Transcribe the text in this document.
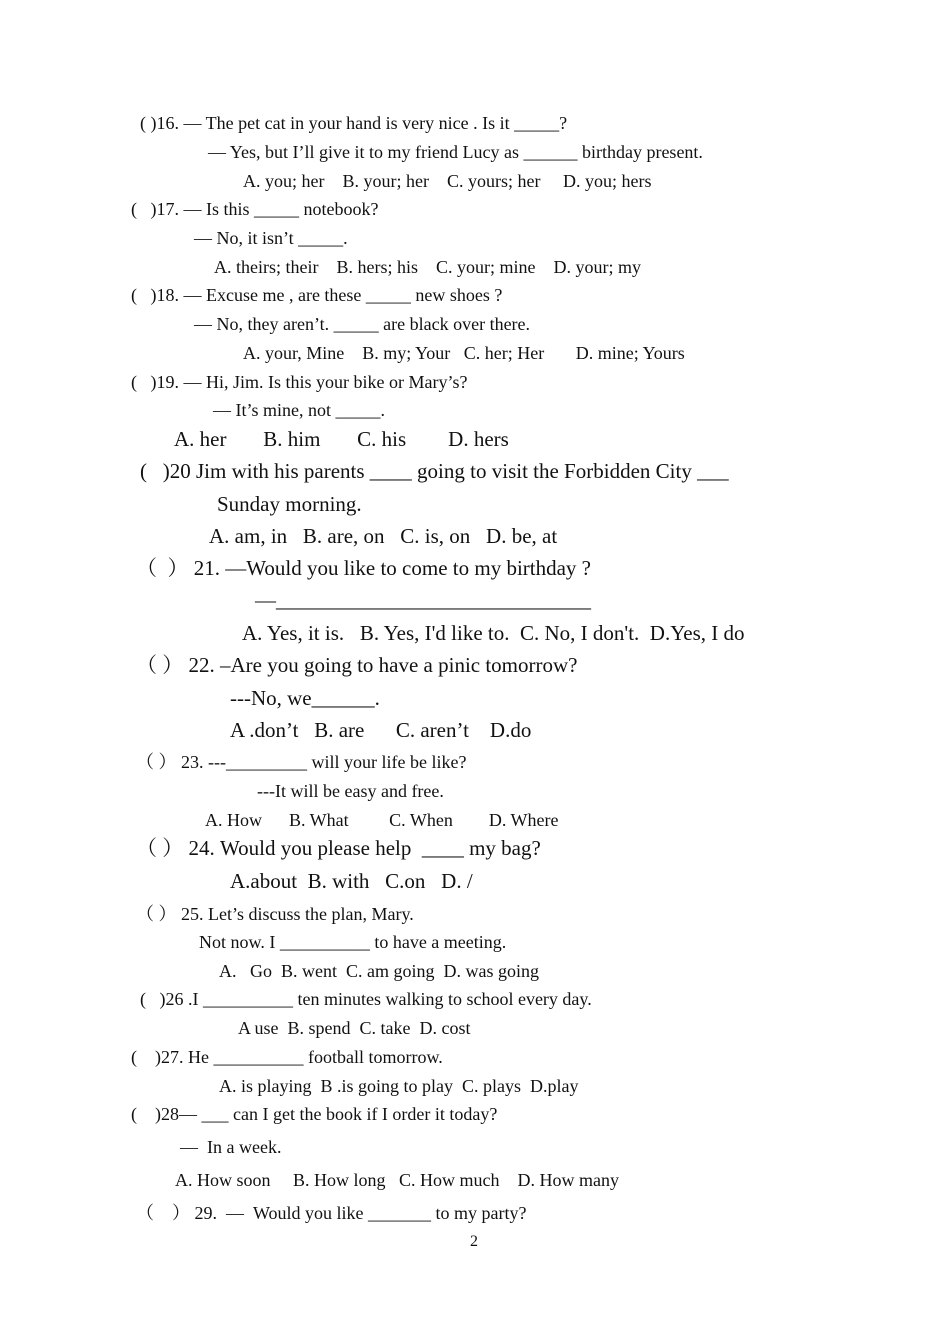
( )16. — The pet cat in your hand is very nice . Is it _____?
— Yes, but I’ll give it to my friend Lucy as ______ birthday present.
A. you; her    B. your; her    C. yours; her     D. you; hers
(   )17. — Is this _____ notebook?
— No, it isn’t _____.
A. theirs; their    B. hers; his    C. your; mine    D. your; my
(   )18. — Excuse me , are these _____ new shoes ?
— No, they aren’t. _____ are black over there.
A. your, Mine    B. my; Your   C. her; Her       D. mine; Yours
(   )19. — Hi, Jim. Is this your bike or Mary’s?
— It’s mine, not _____.
A. her       B. him       C. his        D. hers
(   )20 Jim with his parents ____ going to visit the Forbidden City ___
Sunday morning.
A. am, in   B. are, on   C. is, on   D. be, at
（  ） 21. —Would you like to come to my birthday ?
—______________________________
A. Yes, it is.   B. Yes, I'd like to.  C. No, I don't.  D.Yes, I do
（ ） 22. –Are you going to have a pinic tomorrow?
---No, we______.
A .don’t   B. are      C. aren’t    D.do
（ ） 23. ---_________ will your life be like?
---It will be easy and free.
A. How      B. What         C. When        D. Where
（ ） 24. Would you please help  ____ my bag?
A.about  B. with   C.on   D. /
（ ） 25. Let’s discuss the plan, Mary.
Not now. I __________ to have a meeting.
A.   Go  B. went  C. am going  D. was going
(   )26 .I __________ ten minutes walking to school every day.
A use  B. spend  C. take  D. cost
(    )27. He __________ football tomorrow.
A. is playing  B .is going to play  C. plays  D.play
(    )28— ___ can I get the book if I order it today?
—  In a week.
A. How soon     B. How long   C. How much    D. How many
（    ） 29.  —  Would you like _______ to my party?
2
